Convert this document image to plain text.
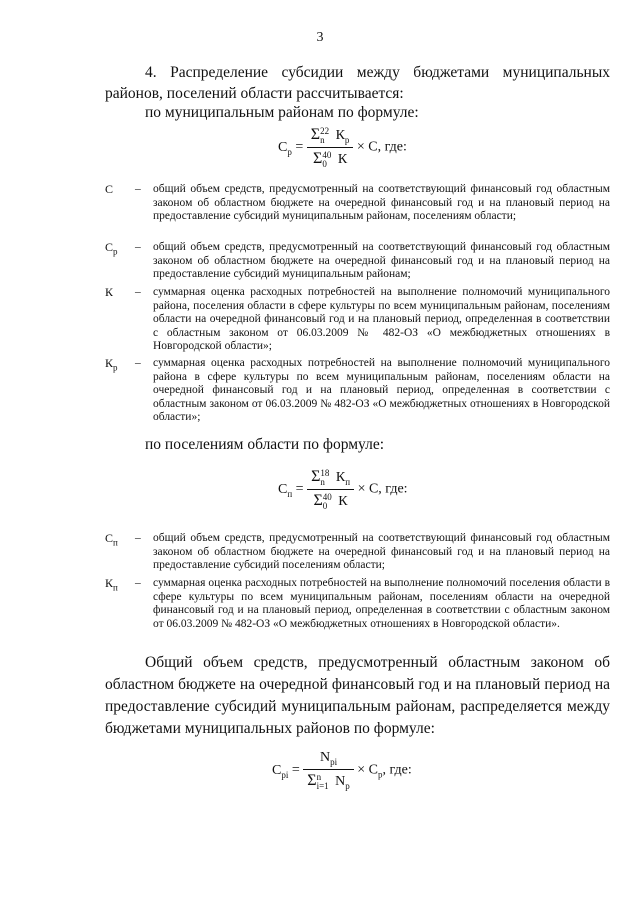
3
4. Распределение субсидии между бюджетами муниципальных районов, поселений области рассчитывается:
по муниципальным районам по формуле:
$С_р = \Sigma$ 22
n $К_р$
Σ 40
0 К × С, где:
С – общий объем средств, предусмотренный на соответствующий финансовый год областным законом об областном бюджете на очередной финансовый год и на плановый период на предоставление субсидий муниципальным районам, поселениям области;
$С_р$ – общий объем средств, предусмотренный на соответствующий финансовый год областным законом об областном бюджете на очередной финансовый год и на плановый период на предоставление субсидий муниципальным районам;
К – суммарная оценка расходных потребностей на выполнение полномочий муниципального района, поселения области в сфере культуры по всем муниципальным районам, поселениям области на очередной финансовый год и на плановый период, определенная в соответствии с областным законом от 06.03.2009 № 482-ОЗ «О межбюджетных отношениях в Новгородской области»;
$К_р$ – суммарная оценка расходных потребностей на выполнение полномочий муниципального района в сфере культуры по всем муниципальным районам, поселениям области на очередной финансовый год и на плановый период, определенная в соответствии с областным законом от 06.03.2009 № 482-ОЗ «О межбюджетных отношениях в Новгородской области»;
по поселениям области по формуле:
$С_п = \Sigma$ 18
n $К_п$
Σ 40
0 К × С, где:
$С_п$ – общий объем средств, предусмотренный на соответствующий финансовый год областным законом об областном бюджете на очередной финансовый год и на плановый период на предоставление субсидий поселениям области;
$К_п$ – суммарная оценка расходных потребностей на выполнение полномочий поселения области в сфере культуры по всем муниципальным районам, поселениям области на очередной финансовый год и на плановый период, определенная в соответствии с областным законом от 06.03.2009 № 482-ОЗ «О межбюджетных отношениях в Новгородской области».
Общий объем средств, предусмотренный областным законом об областном бюджете на очередной финансовый год и на плановый период на предоставление субсидий муниципальным районам, распределяется между бюджетами муниципальных районов по формуле:
$С_{pi} = N_{pi}$
Σ n
i=1 $N_p \times С_р$, где:
